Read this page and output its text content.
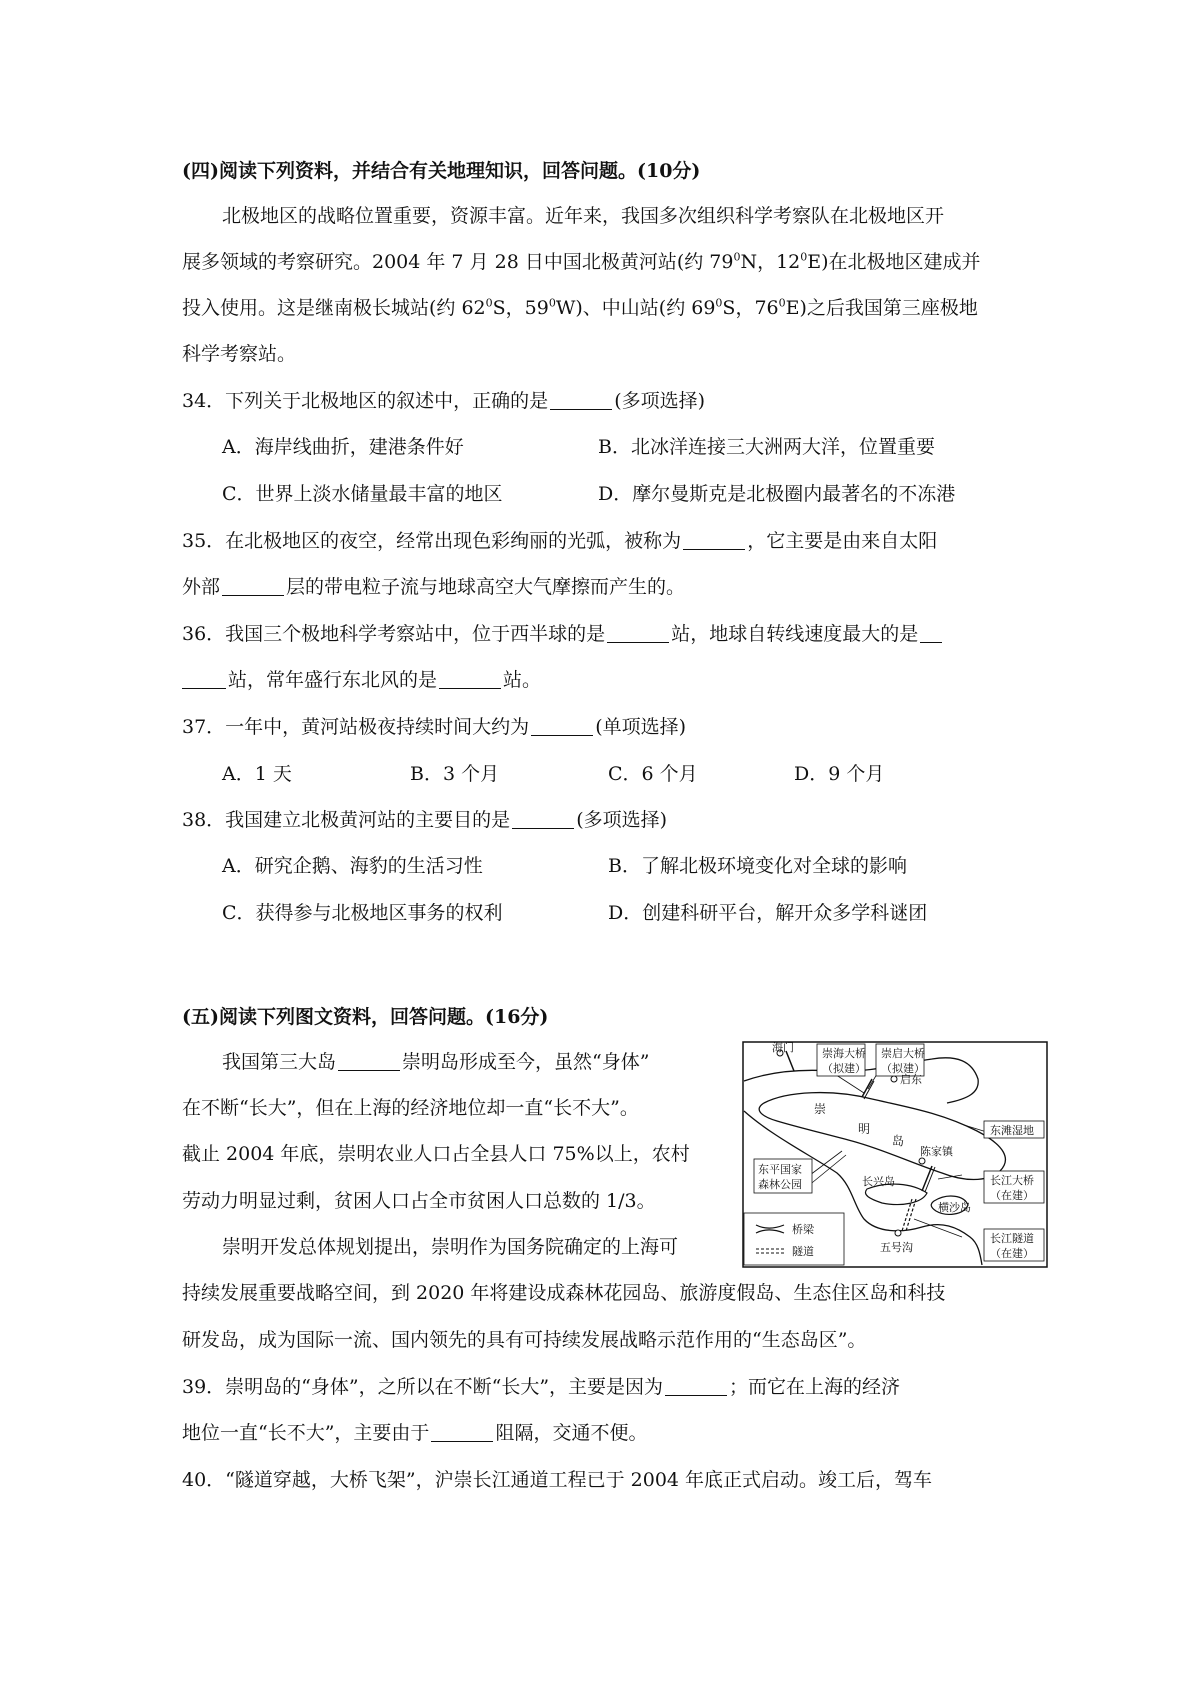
(四)阅读下列资料，并结合有关地理知识，回答问题。(10分)
北极地区的战略位置重要，资源丰富。近年来，我国多次组织科学考察队在北极地区开
展多领域的考察研究。2004 年 7 月 28 日中国北极黄河站(约 $79^0N$，$12^0E$)在北极地区建成并
投入使用。这是继南极长城站(约 $62^0S$，$59^0W$)、中山站(约 $69^0S$，$76^0E$)之后我国第三座极地
科学考察站。
34．下列关于北极地区的叙述中，正确的是	(多项选择)
A．海岸线曲折，建港条件好	B．北冰洋连接三大洲两大洋，位置重要
C．世界上淡水储量最丰富的地区	D．摩尔曼斯克是北极圈内最著名的不冻港
35．在北极地区的夜空，经常出现色彩绚丽的光弧，被称为	，它主要是由来自太阳
外部	层的带电粒子流与地球高空大气摩擦而产生的。
36．我国三个极地科学考察站中，位于西半球的是	站，地球自转线速度最大的是
站，常年盛行东北风的是	站。
37．一年中，黄河站极夜持续时间大约为	(单项选择)
A．1 天	B．3 个月	C．6 个月	D．9 个月
38．我国建立北极黄河站的主要目的是	(多项选择)
A．研究企鹅、海豹的生活习性	B．了解北极环境变化对全球的影响
C．获得参与北极地区事务的权利	D．创建科研平台，解开众多学科谜团
(五)阅读下列图文资料，回答问题。(16分)
我国第三大岛	崇明岛形成至今，虽然“身体”
在不断“长大”，但在上海的经济地位却一直“长不大”。
截止 2004 年底，崇明农业人口占全县人口 75%以上，农村
劳动力明显过剩，贫困人口占全市贫困人口总数的 1/3。
崇明开发总体规划提出，崇明作为国务院确定的上海可
持续发展重要战略空间，到 2020 年将建设成森林花园岛、旅游度假岛、生态住区岛和科技
研发岛，成为国际一流、国内领先的具有可持续发展战略示范作用的“生态岛区”。
39．崇明岛的“身体”，之所以在不断“长大”，主要是因为	；而它在上海的经济
地位一直“长不大”，主要由于	阻隔，交通不便。
40．“隧道穿越，大桥飞架”，沪崇长江通道工程已于 2004 年底正式启动。竣工后，驾车
海门	崇海大桥
（拟建）
崇启大桥
（拟建）
启东
崇
明
岛
东滩湿地
东平国家
森林公园
陈家镇
长江大桥
（在建）
长兴岛
横沙岛
长江隧道
（在建）
桥梁
隧道	五号沟
